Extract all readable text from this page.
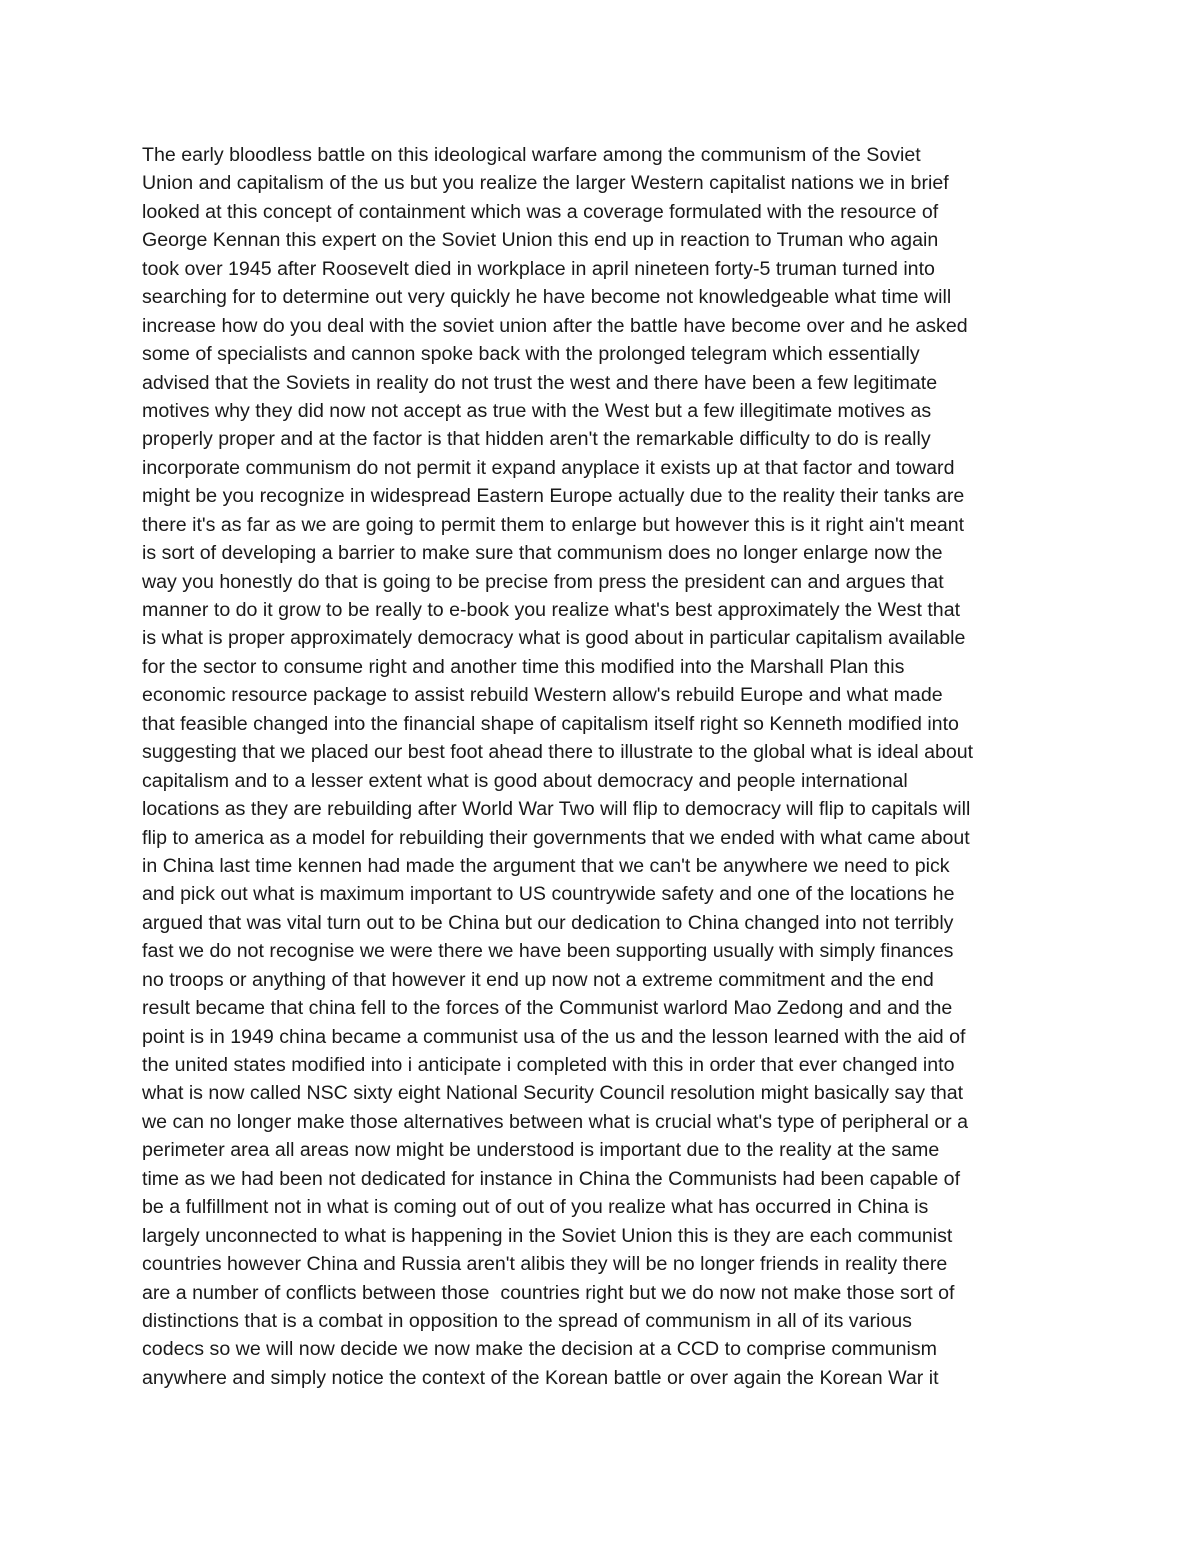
The early bloodless battle on this ideological warfare among the communism of the Soviet
Union and capitalism of the us but you realize the larger Western capitalist nations we in brief
looked at this concept of containment which was a coverage formulated with the resource of
George Kennan this expert on the Soviet Union this end up in reaction to Truman who again
took over 1945 after Roosevelt died in workplace in april nineteen forty-5 truman turned into
searching for to determine out very quickly he have become not knowledgeable what time will
increase how do you deal with the soviet union after the battle have become over and he asked
some of specialists and cannon spoke back with the prolonged telegram which essentially
advised that the Soviets in reality do not trust the west and there have been a few legitimate
motives why they did now not accept as true with the West but a few illegitimate motives as
properly proper and at the factor is that hidden aren't the remarkable difficulty to do is really
incorporate communism do not permit it expand anyplace it exists up at that factor and toward
might be you recognize in widespread Eastern Europe actually due to the reality their tanks are
there it's as far as we are going to permit them to enlarge but however this is it right ain't meant
is sort of developing a barrier to make sure that communism does no longer enlarge now the
way you honestly do that is going to be precise from press the president can and argues that
manner to do it grow to be really to e-book you realize what's best approximately the West that
is what is proper approximately democracy what is good about in particular capitalism available
for the sector to consume right and another time this modified into the Marshall Plan this
economic resource package to assist rebuild Western allow's rebuild Europe and what made
that feasible changed into the financial shape of capitalism itself right so Kenneth modified into
suggesting that we placed our best foot ahead there to illustrate to the global what is ideal about
capitalism and to a lesser extent what is good about democracy and people international
locations as they are rebuilding after World War Two will flip to democracy will flip to capitals will
flip to america as a model for rebuilding their governments that we ended with what came about
in China last time kennen had made the argument that we can't be anywhere we need to pick
and pick out what is maximum important to US countrywide safety and one of the locations he
argued that was vital turn out to be China but our dedication to China changed into not terribly
fast we do not recognise we were there we have been supporting usually with simply finances
no troops or anything of that however it end up now not a extreme commitment and the end
result became that china fell to the forces of the Communist warlord Mao Zedong and and the
point is in 1949 china became a communist usa of the us and the lesson learned with the aid of
the united states modified into i anticipate i completed with this in order that ever changed into
what is now called NSC sixty eight National Security Council resolution might basically say that
we can no longer make those alternatives between what is crucial what's type of peripheral or a
perimeter area all areas now might be understood is important due to the reality at the same
time as we had been not dedicated for instance in China the Communists had been capable of
be a fulfillment not in what is coming out of out of you realize what has occurred in China is
largely unconnected to what is happening in the Soviet Union this is they are each communist
countries however China and Russia aren't alibis they will be no longer friends in reality there
are a number of conflicts between those  countries right but we do now not make those sort of
distinctions that is a combat in opposition to the spread of communism in all of its various
codecs so we will now decide we now make the decision at a CCD to comprise communism
anywhere and simply notice the context of the Korean battle or over again the Korean War it
